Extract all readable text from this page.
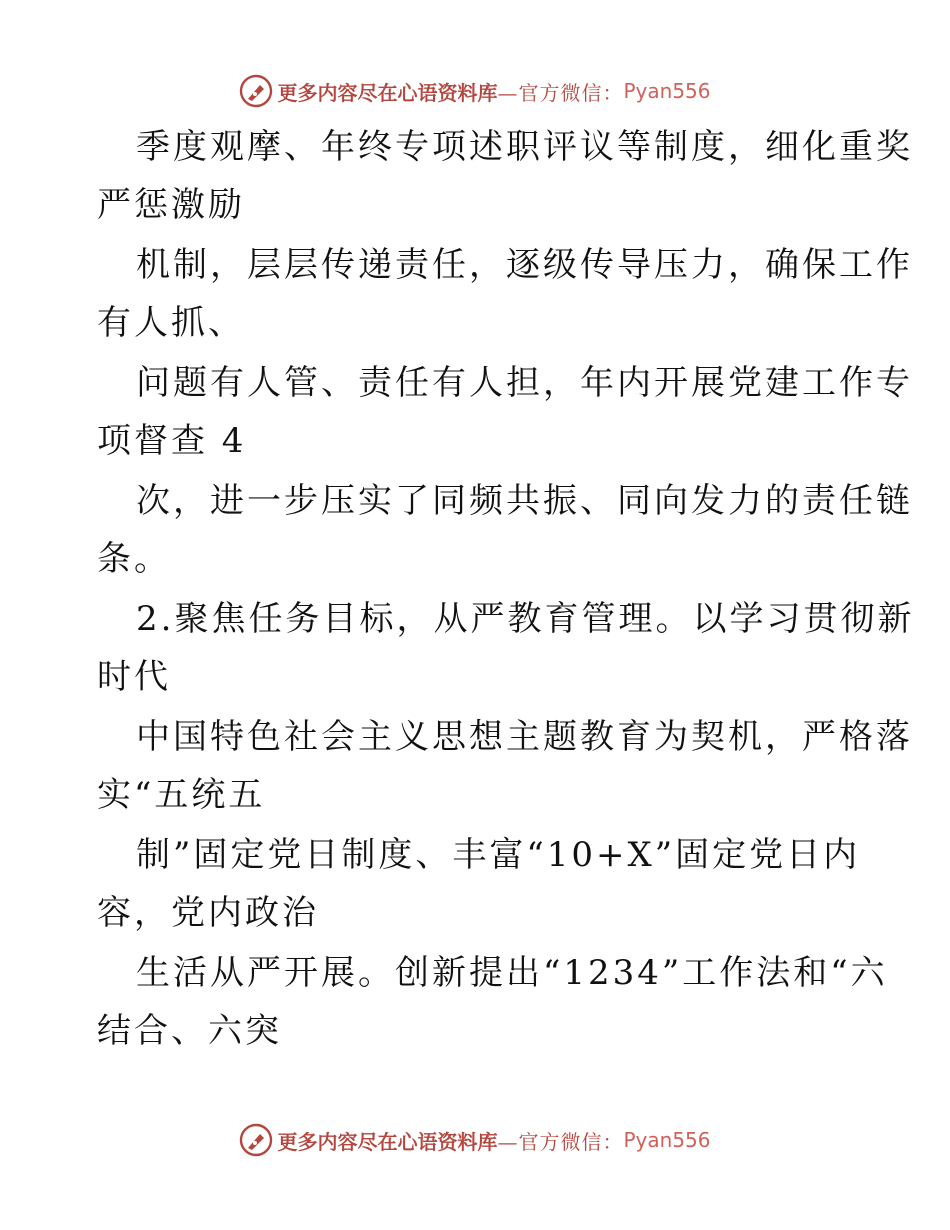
更多内容尽在心语资料库 —官方微信： Pyan556
季度观摩、年终专项述职评议等制度，细化重奖
严惩激励
机制，层层传递责任，逐级传导压力，确保工作
有人抓、
问题有人管、责任有人担，年内开展党建工作专
项督查 4
次，进一步压实了同频共振、同向发力的责任链
条。
2.聚焦任务目标，从严教育管理。以学习贯彻新
时代
中国特色社会主义思想主题教育为契机，严格落
实“五统五
制”固定党日制度、丰富“10+X”固定党日内
容，党内政治
生活从严开展。创新提出“1234”工作法和“六
结合、六突
更多内容尽在心语资料库 —官方微信： Pyan556
